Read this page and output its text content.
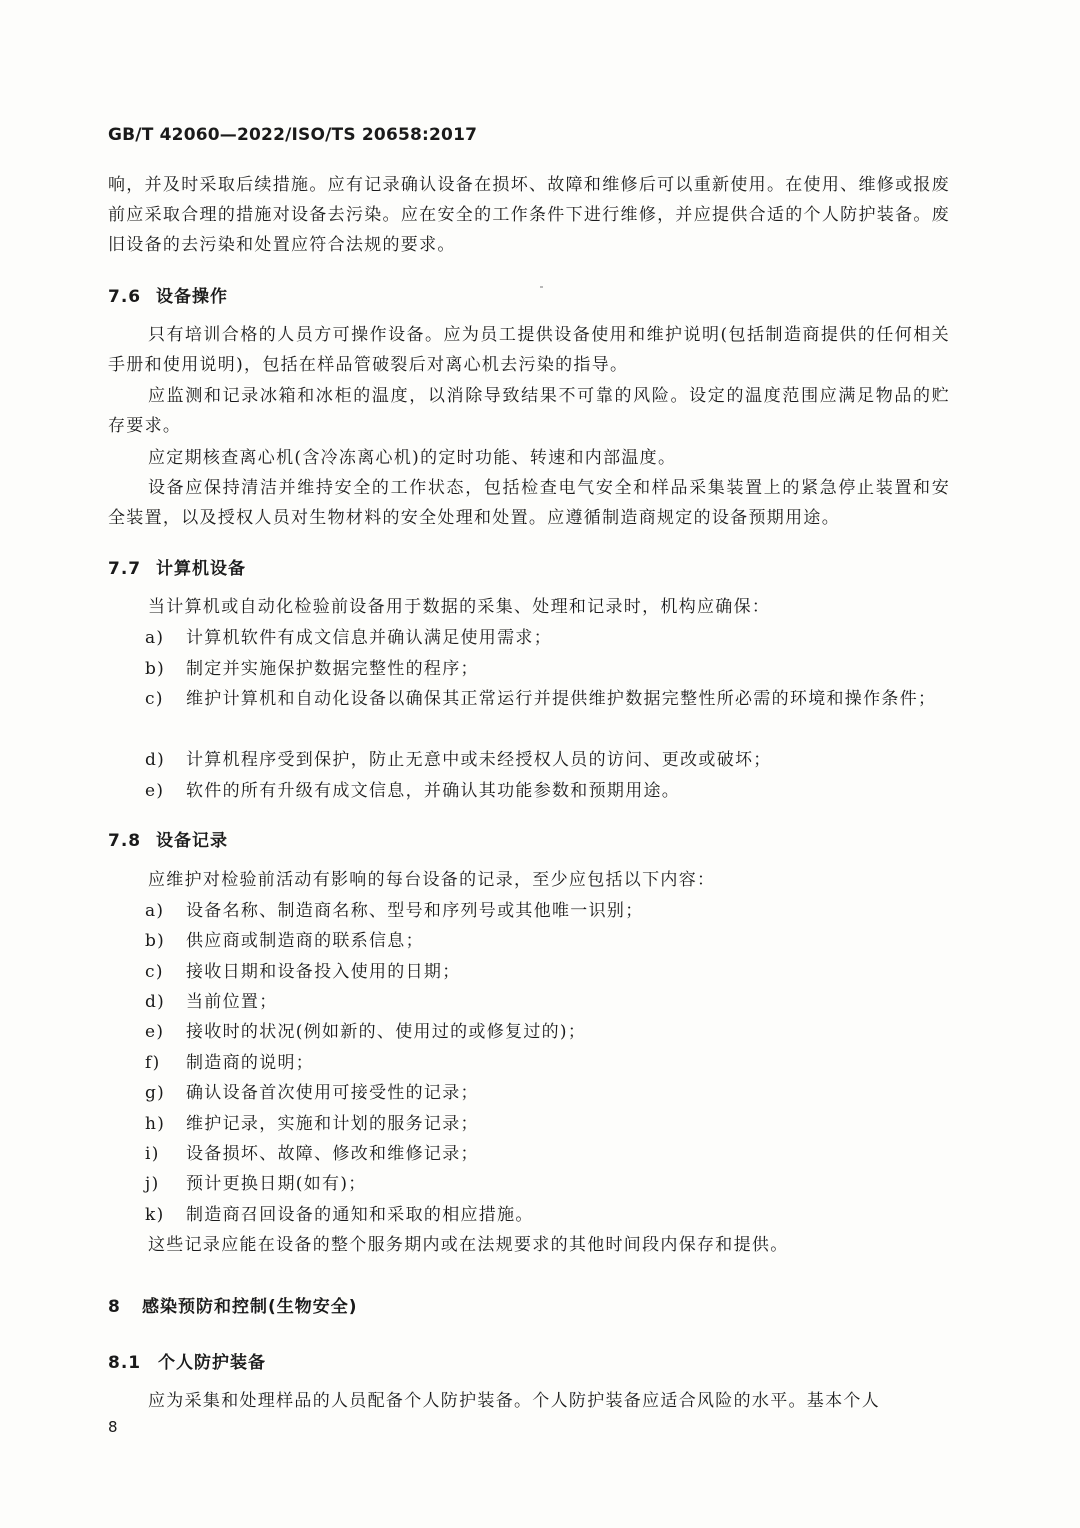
GB/T 42060—2022/ISO/TS 20658:2017

响，并及时采取后续措施。应有记录确认设备在损坏、故障和维修后可以重新使用。在使用、维修或报废前应采取合理的措施对设备去污染。应在安全的工作条件下进行维修，并应提供合适的个人防护装备。废旧设备的去污染和处置应符合法规的要求。

7.6 设备操作

只有培训合格的人员方可操作设备。应为员工提供设备使用和维护说明(包括制造商提供的任何相关手册和使用说明)，包括在样品管破裂后对离心机去污染的指导。

应监测和记录冰箱和冰柜的温度，以消除导致结果不可靠的风险。设定的温度范围应满足物品的贮存要求。

应定期核查离心机(含冷冻离心机)的定时功能、转速和内部温度。

设备应保持清洁并维持安全的工作状态，包括检查电气安全和样品采集装置上的紧急停止装置和安全装置，以及授权人员对生物材料的安全处理和处置。应遵循制造商规定的设备预期用途。

7.7 计算机设备

当计算机或自动化检验前设备用于数据的采集、处理和记录时，机构应确保：

a)	计算机软件有成文信息并确认满足使用需求；
b)	制定并实施保护数据完整性的程序；
c)	维护计算机和自动化设备以确保其正常运行并提供维护数据完整性所必需的环境和操作条件；
d)	计算机程序受到保护，防止无意中或未经授权人员的访问、更改或破坏；
e)	软件的所有升级有成文信息，并确认其功能参数和预期用途。
7.8 设备记录

应维护对检验前活动有影响的每台设备的记录，至少应包括以下内容：

a)	设备名称、制造商名称、型号和序列号或其他唯一识别；
b)	供应商或制造商的联系信息；
c)	接收日期和设备投入使用的日期；
d)	当前位置；
e)	接收时的状况(例如新的、使用过的或修复过的)；
f)	制造商的说明；
g)	确认设备首次使用可接受性的记录；
h)	维护记录，实施和计划的服务记录；
i)	设备损坏、故障、修改和维修记录；
j)	预计更换日期(如有)；
k)	制造商召回设备的通知和采取的相应措施。

这些记录应能在设备的整个服务期内或在法规要求的其他时间段内保存和提供。

8 感染预防和控制(生物安全)
8.1 个人防护装备

应为采集和处理样品的人员配备个人防护装备。个人防护装备应适合风险的水平。基本个人

8
